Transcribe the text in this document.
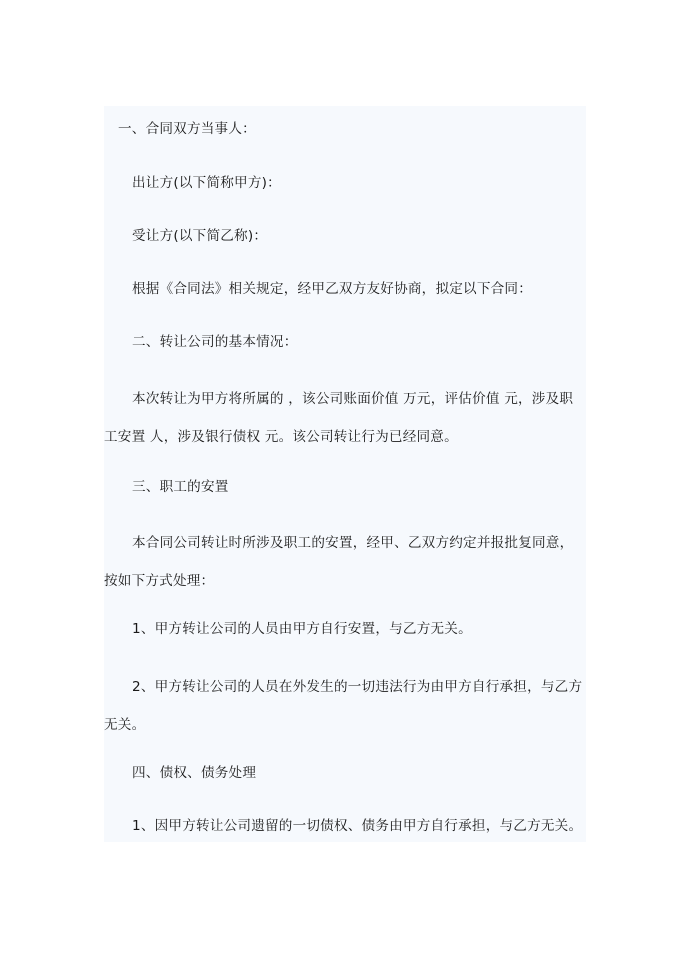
一、合同双方当事人：

出让方(以下简称甲方)：

受让方(以下简乙称)：

根据《合同法》相关规定，经甲乙双方友好协商，拟定以下合同：

二、转让公司的基本情况：

本次转让为甲方将所属的 ，该公司账面价值 万元，评估价值 元，涉及职工安置 人，涉及银行债权 元。该公司转让行为已经同意。

三、职工的安置

本合同公司转让时所涉及职工的安置，经甲、乙双方约定并报批复同意，按如下方式处理：

1、甲方转让公司的人员由甲方自行安置，与乙方无关。

2、甲方转让公司的人员在外发生的一切违法行为由甲方自行承担，与乙方无关。

四、债权、债务处理

1、因甲方转让公司遗留的一切债权、债务由甲方自行承担，与乙方无关。
